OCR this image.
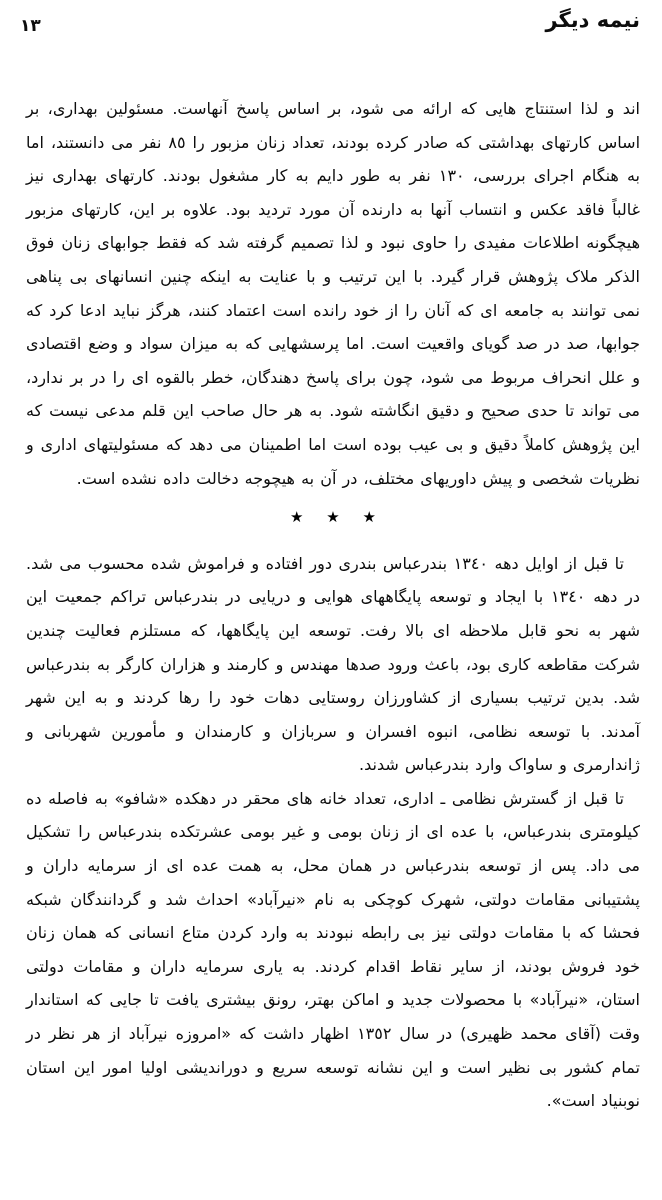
۱۳	نیمه دیگر

اند و لذا استنتاج هایی که ارائه می شود، بر اساس پاسخ آنهاست. مسئولین بهداری، بر اساس کارتهای بهداشتی که صادر کرده بودند، تعداد زنان مزبور را ٨٥ نفر می دانستند، اما به هنگام اجرای بررسی، ١٣٠ نفر به طور دایم به کار مشغول بودند. کارتهای بهداری نیز غالباً فاقد عکس و انتساب آنها به دارنده آن مورد تردید بود. علاوه بر این، کارتهای مزبور هیچگونه اطلاعات مفیدی را حاوی نبود و لذا تصمیم گرفته شد که فقط جوابهای زنان فوق الذکر ملاک پژوهش قرار گیرد. با این ترتیب و با عنایت به اینکه چنین انسانهای بی پناهی نمی توانند به جامعه ای که آنان را از خود رانده است اعتماد کنند، هرگز نباید ادعا کرد که جوابها، صد در صد گویای واقعیت است. اما پرسشهایی که به میزان سواد و وضع اقتصادی و علل انحراف مربوط می شود، چون برای پاسخ دهندگان، خطر بالقوه ای را در بر ندارد، می تواند تا حدی صحیح و دقیق انگاشته شود. به هر حال صاحب این قلم مدعی نیست که این پژوهش کاملاً دقیق و بی عیب بوده است اما اطمینان می دهد که مسئولیتهای اداری و نظریات شخصی و پیش داوریهای مختلف، در آن به هیچوجه دخالت داده نشده است.

★ ★ ★

تا قبل از اوایل دهه ١٣٤٠ بندرعباس بندری دور افتاده و فراموش شده محسوب می شد. در دهه ١٣٤٠ با ایجاد و توسعه پایگاههای هوایی و دریایی در بندرعباس تراکم جمعیت این شهر به نحو قابل ملاحظه ای بالا رفت. توسعه این پایگاهها، که مستلزم فعالیت چندین شرکت مقاطعه کاری بود، باعث ورود صدها مهندس و کارمند و هزاران کارگر به بندرعباس شد. بدین ترتیب بسیاری از کشاورزان روستایی دهات خود را رها کردند و به این شهر آمدند. با توسعه نظامی، انبوه افسران و سربازان و کارمندان و مأمورین شهربانی و ژاندارمری و ساواک وارد بندرعباس شدند.

تا قبل از گسترش نظامی ـ اداری، تعداد خانه های محقر در دهکده «شافو» به فاصله ده کیلومتری بندرعباس، با عده ای از زنان بومی و غیر بومی عشرتکده بندرعباس را تشکیل می داد. پس از توسعه بندرعباس در همان محل، به همت عده ای از سرمایه داران و پشتیبانی مقامات دولتی، شهرک کوچکی به نام «نیرآباد» احداث شد و گردانندگان شبکه فحشا که با مقامات دولتی نیز بی رابطه نبودند به وارد کردن متاع انسانی که همان زنان خود فروش بودند، از سایر نقاط اقدام کردند. به یاری سرمایه داران و مقامات دولتی استان، «نیرآباد» با محصولات جدید و اماکن بهتر، رونق بیشتری یافت تا جایی که استاندار وقت (آقای محمد ظهیری) در سال ١٣٥٢ اظهار داشت که «امروزه نیرآباد از هر نظر در تمام کشور بی نظیر است و این نشانه توسعه سریع و دوراندیشی اولیا امور این استان نوبنیاد است».
